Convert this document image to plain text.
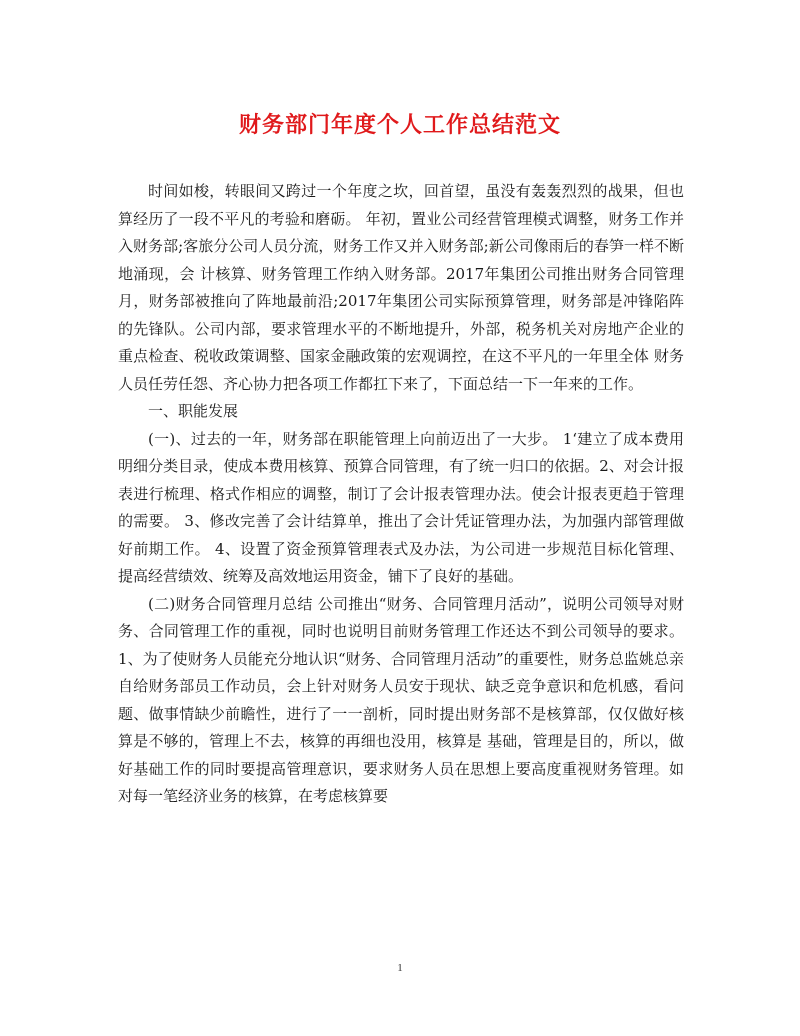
财务部门年度个人工作总结范文

时间如梭，转眼间又跨过一个年度之坎，回首望，虽没有轰轰烈烈的战果，但也算经历了一段不平凡的考验和磨砺。 年初，置业公司经营管理模式调整，财务工作并入财务部;客旅分公司人员分流，财务工作又并入财务部;新公司像雨后的春笋一样不断地涌现，会 计核算、财务管理工作纳入财务部。2017年集团公司推出财务合同管理月，财务部被推向了阵地最前沿;2017年集团公司实际预算管理，财务部是冲锋陷阵 的先锋队。公司内部，要求管理水平的不断地提升，外部，税务机关对房地产企业的重点检查、税收政策调整、国家金融政策的宏观调控，在这不平凡的一年里全体 财务人员任劳任怨、齐心协力把各项工作都扛下来了，下面总结一下一年来的工作。

一、职能发展

(一)、过去的一年，财务部在职能管理上向前迈出了一大步。 1‘建立了成本费用明细分类目录，使成本费用核算、预算合同管理，有了统一归口的依据。2、对会计报表进行梳理、格式作相应的调整，制订了会计报表管理办法。使会计报表更趋于管理的需要。 3、修改完善了会计结算单，推出了会计凭证管理办法，为加强内部管理做好前期工作。 4、设置了资金预算管理表式及办法，为公司进一步规范目标化管理、提高经营绩效、统筹及高效地运用资金，铺下了良好的基础。

(二)财务合同管理月总结 公司推出“财务、合同管理月活动”，说明公司领导对财务、合同管理工作的重视，同时也说明目前财务管理工作还达不到公司领导的要求。 1、为了使财务人员能充分地认识“财务、合同管理月活动”的重要性，财务总监姚总亲自给财务部员工作动员，会上针对财务人员安于现状、缺乏竞争意识和危机感，看问题、做事情缺少前瞻性，进行了一一剖析，同时提出财务部不是核算部，仅仅做好核算是不够的，管理上不去，核算的再细也没用，核算是 基础，管理是目的，所以，做好基础工作的同时要提高管理意识，要求财务人员在思想上要高度重视财务管理。如对每一笔经济业务的核算，在考虑核算要

1
